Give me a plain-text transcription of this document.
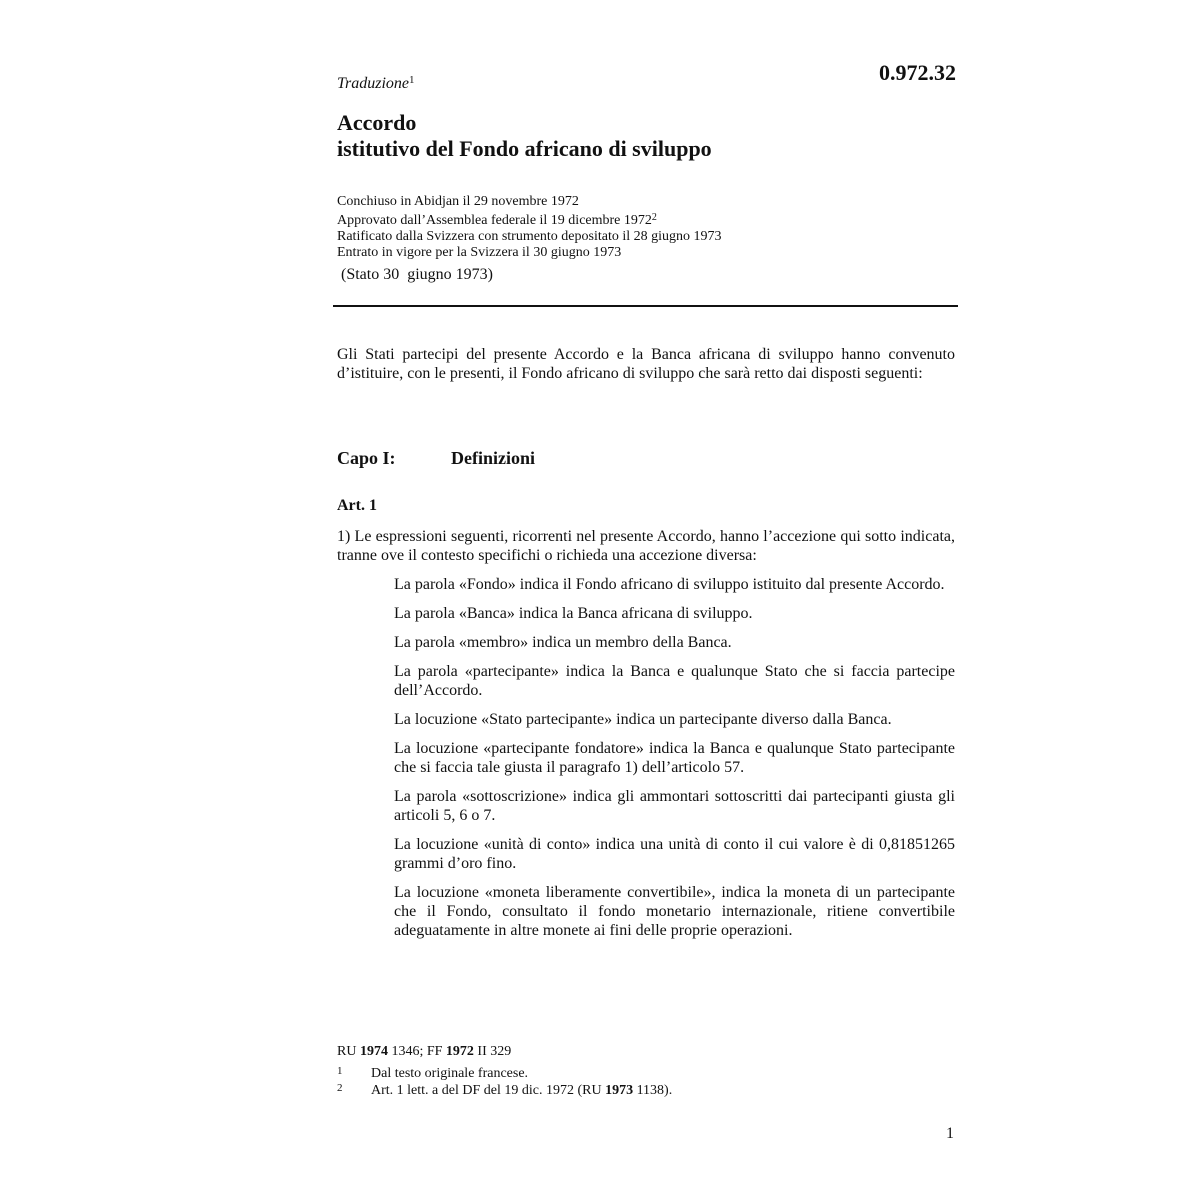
0.972.32
Traduzione$^1$
Accordo
istitutivo del Fondo africano di sviluppo
Conchiuso in Abidjan il 29 novembre 1972
Approvato dall’Assemblea federale il 19 dicembre 1972$^2$
Ratificato dalla Svizzera con strumento depositato il 28 giugno 1973
Entrato in vigore per la Svizzera il 30 giugno 1973
(Stato 30  giugno 1973)
Gli Stati partecipi del presente Accordo e la Banca africana di sviluppo hanno convenuto d’istituire, con le presenti, il Fondo africano di sviluppo che sarà retto dai disposti seguenti:
Capo I:	Definizioni
Art. 1
1) Le espressioni seguenti, ricorrenti nel presente Accordo, hanno l’accezione qui sotto indicata, tranne ove il contesto specifichi o richieda una accezione diversa:
La parola «Fondo» indica il Fondo africano di sviluppo istituito dal presente Accordo.
La parola «Banca» indica la Banca africana di sviluppo.
La parola «membro» indica un membro della Banca.
La parola «partecipante» indica la Banca e qualunque Stato che si faccia partecipe dell’Accordo.
La locuzione «Stato partecipante» indica un partecipante diverso dalla Banca.
La locuzione «partecipante fondatore» indica la Banca e qualunque Stato partecipante che si faccia tale giusta il paragrafo 1) dell’articolo 57.
La parola «sottoscrizione» indica gli ammontari sottoscritti dai partecipanti giusta gli articoli 5, 6 o 7.
La locuzione «unità di conto» indica una unità di conto il cui valore è di 0,81851265 grammi d’oro fino.
La locuzione «moneta liberamente convertibile», indica la moneta di un partecipante che il Fondo, consultato il fondo monetario internazionale, ritiene convertibile adeguatamente in altre monete ai fini delle proprie operazioni.
RU 1974 1346; FF 1972 II 329
1 Dal testo originale francese.
2 Art. 1 lett. a del DF del 19 dic. 1972 (RU 1973 1138).
1
